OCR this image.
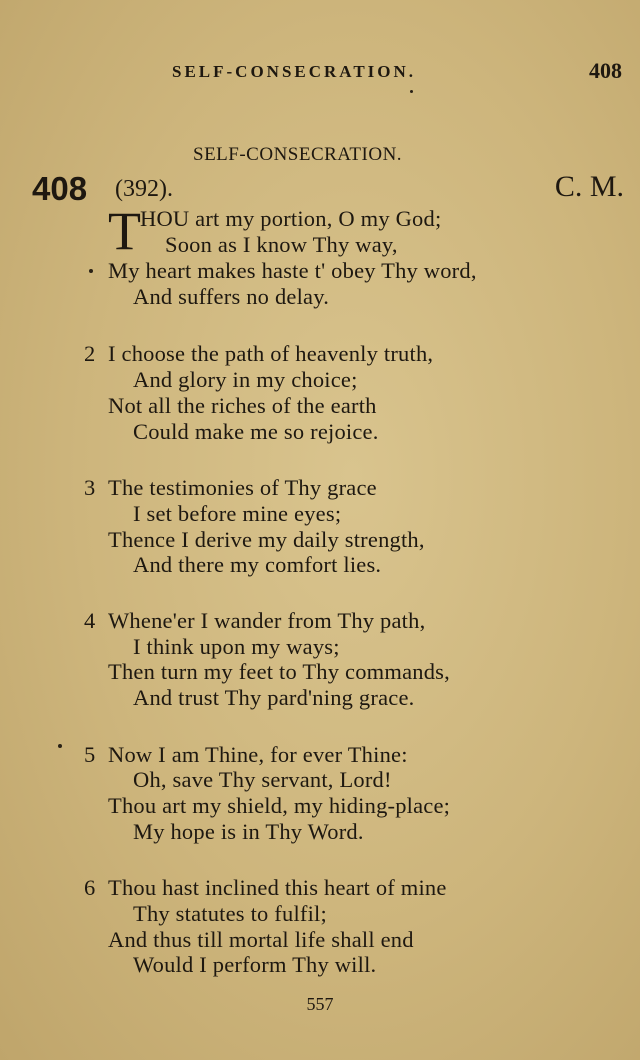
SELF-CONSECRATION.	408
SELF-CONSECRATION.
408 (392).	C. M.
T HOU art my portion, O my God;
Soon as I know Thy way,
My heart makes haste t' obey Thy word,
And suffers no delay.
2 I choose the path of heavenly truth,
And glory in my choice;
Not all the riches of the earth
Could make me so rejoice.
3 The testimonies of Thy grace
I set before mine eyes;
Thence I derive my daily strength,
And there my comfort lies.
4 Whene'er I wander from Thy path,
I think upon my ways;
Then turn my feet to Thy commands,
And trust Thy pard'ning grace.
5 Now I am Thine, for ever Thine:
Oh, save Thy servant, Lord!
Thou art my shield, my hiding-place;
My hope is in Thy Word.
6 Thou hast inclined this heart of mine
Thy statutes to fulfil;
And thus till mortal life shall end
Would I perform Thy will.
557
